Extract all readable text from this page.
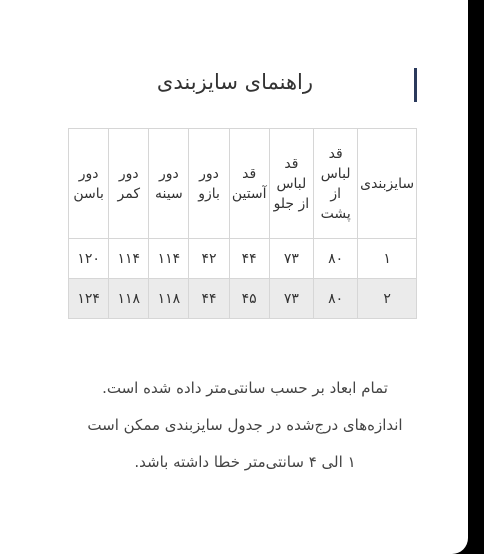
راهنمای سایزبندی
سایزبندی	قد لباس از پشت	قد لباس از جلو	قد آستین	دور بازو	دور سینه	دور کمر	دور باسن
۱	۸۰	۷۳	۴۴	۴۲	۱۱۴	۱۱۴	۱۲۰
۲	۸۰	۷۳	۴۵	۴۴	۱۱۸	۱۱۸	۱۲۴
تمام ابعاد بر حسب سانتی‌متر داده شده است.
اندازه‌های درج‌شده در جدول سایزبندی ممکن است
۱ الی ۴ سانتی‌متر خطا داشته باشد.
